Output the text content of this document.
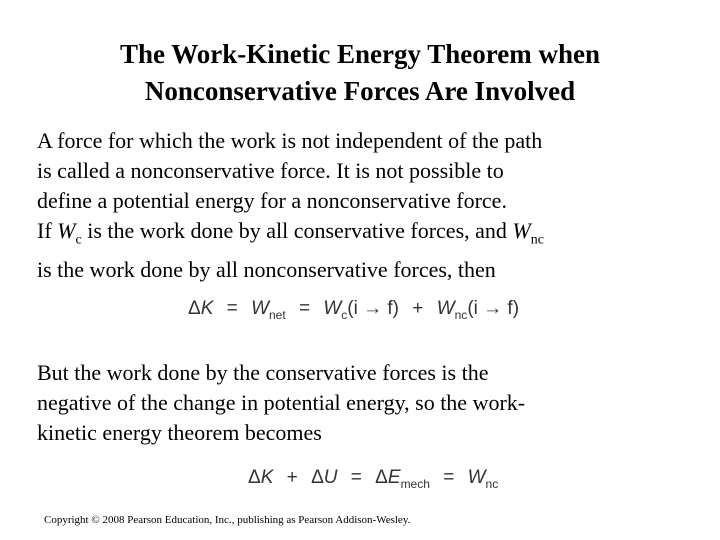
The Work-Kinetic Energy Theorem when
Nonconservative Forces Are Involved
A force for which the work is not independent of the path
is called a nonconservative force. It is not possible to
define a potential energy for a nonconservative force.
If $W_c$ is the work done by all conservative forces, and $W_{nc}$
is the work done by all nonconservative forces, then
$\Delta K = W_{net} = W_c(i \to f) + W_{nc}(i \to f)$
But the work done by the conservative forces is the
negative of the change in potential energy, so the work-
kinetic energy theorem becomes
$\Delta K + \Delta U = \Delta E_{mech} = W_{nc}$
Copyright © 2008 Pearson Education, Inc., publishing as Pearson Addison-Wesley.
